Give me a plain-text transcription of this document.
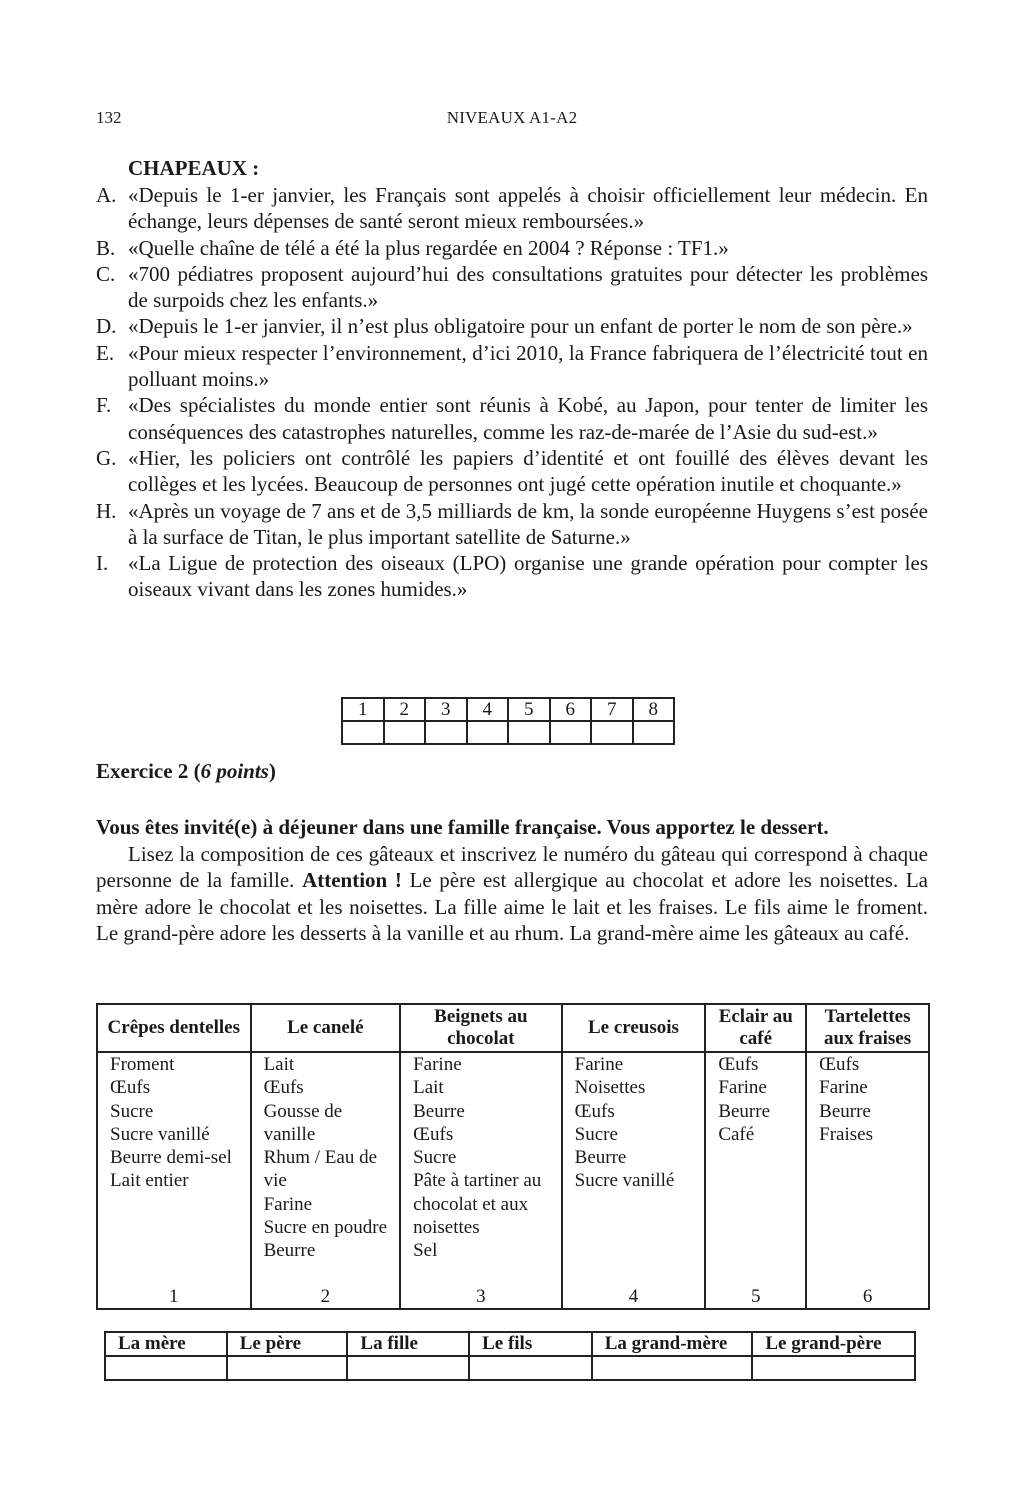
132	NIVEAUX A1-A2
CHAPEAUX :
A. «Depuis le 1-er janvier, les Français sont appelés à choisir officiellement leur médecin. En échange, leurs dépenses de santé seront mieux remboursées.»
B. «Quelle chaîne de télé a été la plus regardée en 2004 ? Réponse : TF1.»
C. «700 pédiatres proposent aujourd’hui des consultations gratuites pour détecter les problèmes de surpoids chez les enfants.»
D. «Depuis le 1-er janvier, il n’est plus obligatoire pour un enfant de porter le nom de son père.»
E. «Pour mieux respecter l’environnement, d’ici 2010, la France fabriquera de l’électricité tout en polluant moins.»
F. «Des spécialistes du monde entier sont réunis à Kobé, au Japon, pour tenter de limiter les conséquences des catastrophes naturelles, comme les raz-de-marée de l’Asie du sud-est.»
G. «Hier, les policiers ont contrôlé les papiers d’identité et ont fouillé des élèves devant les collèges et les lycées. Beaucoup de personnes ont jugé cette opération inutile et choquante.»
H. «Après un voyage de 7 ans et de 3,5 milliards de km, la sonde européenne Huygens s’est posée à la surface de Titan, le plus important satellite de Saturne.»
I. «La Ligue de protection des oiseaux (LPO) organise une grande opération pour compter les oiseaux vivant dans les zones humides.»
1	2	3	4	5	6	7	8

Exercice 2 (6 points)
Vous êtes invité(e) à déjeuner dans une famille française. Vous apportez le dessert.
Lisez la composition de ces gâteaux et inscrivez le numéro du gâteau qui correspond à chaque personne de la famille. Attention ! Le père est allergique au chocolat et adore les noisettes. La mère adore le chocolat et les noisettes. La fille aime le lait et les fraises. Le fils aime le froment. Le grand-père adore les desserts à la vanille et au rhum. La grand-mère aime les gâteaux au café.
Crêpes dentelles	Le canelé	Beignets au chocolat	Le creusois	Eclair au café	Tartelettes aux fraises

Froment
Œufs
Sucre
Sucre vanillé
Beurre demi-sel
Lait entier
1

Lait
Œufs
Gousse de vanille
Rhum / Eau de vie
Farine
Sucre en poudre
Beurre
2

Farine
Lait
Beurre
Œufs
Sucre
Pâte à tartiner au chocolat et aux noisettes
Sel
3

Farine
Noisettes
Œufs
Sucre
Beurre
Sucre vanillé
4

Œufs
Farine
Beurre
Café
5

Œufs
Farine
Beurre
Fraises
6
La mère	Le père	La fille	Le fils	La grand-mère	Le grand-père
